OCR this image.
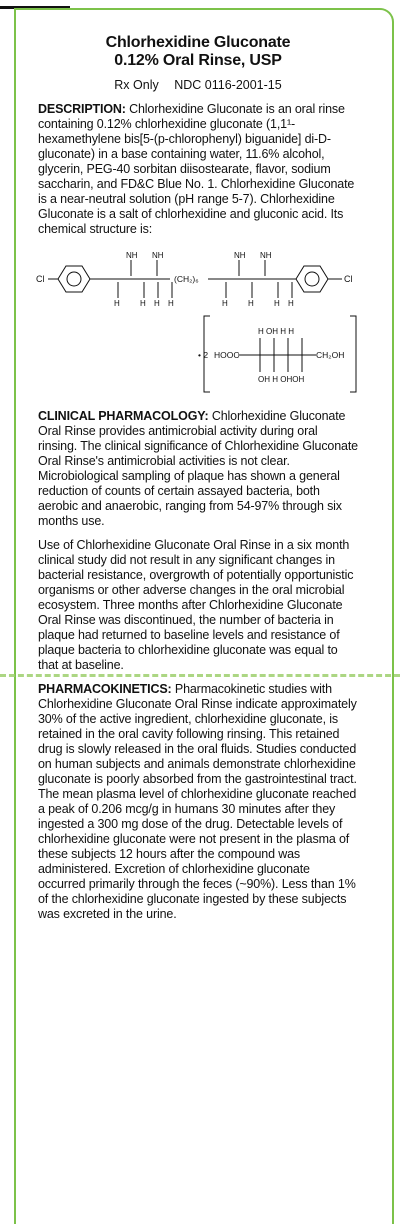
Chlorhexidine Gluconate
0.12% Oral Rinse, USP
Rx Only NDC 0116-2001-15

DESCRIPTION: Chlorhexidine Gluconate is an oral rinse containing 0.12% chlorhexidine gluconate (1,1¹-hexamethylene bis[5-(p-chlorophenyl) biguanide] di-D-gluconate) in a base containing water, 11.6% alcohol, glycerin, PEG-40 sorbitan diisostearate, flavor, sodium saccharin, and FD&C Blue No. 1. Chlorhexidine Gluconate is a near-neutral solution (pH range 5-7). Chlorhexidine Gluconate is a salt of chlorhexidine and gluconic acid. Its chemical structure is:

Cl	Cl
(CH₂)₆
NH NH	NH NH
H	H H H	H	H	H H
• 2 HOOC	CH₂OH
H OH H H
OH H OHOH

CLINICAL PHARMACOLOGY: Chlorhexidine Gluconate Oral Rinse provides antimicrobial activity during oral rinsing. The clinical significance of Chlorhexidine Gluconate Oral Rinse's antimicrobial activities is not clear. Microbiological sampling of plaque has shown a general reduction of counts of certain assayed bacteria, both aerobic and anaerobic, ranging from 54-97% through six months use.

Use of Chlorhexidine Gluconate Oral Rinse in a six month clinical study did not result in any significant changes in bacterial resistance, overgrowth of potentially opportunistic organisms or other adverse changes in the oral microbial ecosystem. Three months after Chlorhexidine Gluconate Oral Rinse was discontinued, the number of bacteria in plaque had returned to baseline levels and resistance of plaque bacteria to chlorhexidine gluconate was equal to that at baseline.

PHARMACOKINETICS: Pharmacokinetic studies with Chlorhexidine Gluconate Oral Rinse indicate approximately 30% of the active ingredient, chlorhexidine gluconate, is retained in the oral cavity following rinsing. This retained drug is slowly released in the oral fluids. Studies conducted on human subjects and animals demonstrate chlorhexidine gluconate is poorly absorbed from the gastrointestinal tract. The mean plasma level of chlorhexidine gluconate reached a peak of 0.206 mcg/g in humans 30 minutes after they ingested a 300 mg dose of the drug. Detectable levels of chlorhexidine gluconate were not present in the plasma of these subjects 12 hours after the compound was administered. Excretion of chlorhexidine gluconate occurred primarily through the feces (~90%). Less than 1% of the chlorhexidine gluconate ingested by these subjects was excreted in the urine.
